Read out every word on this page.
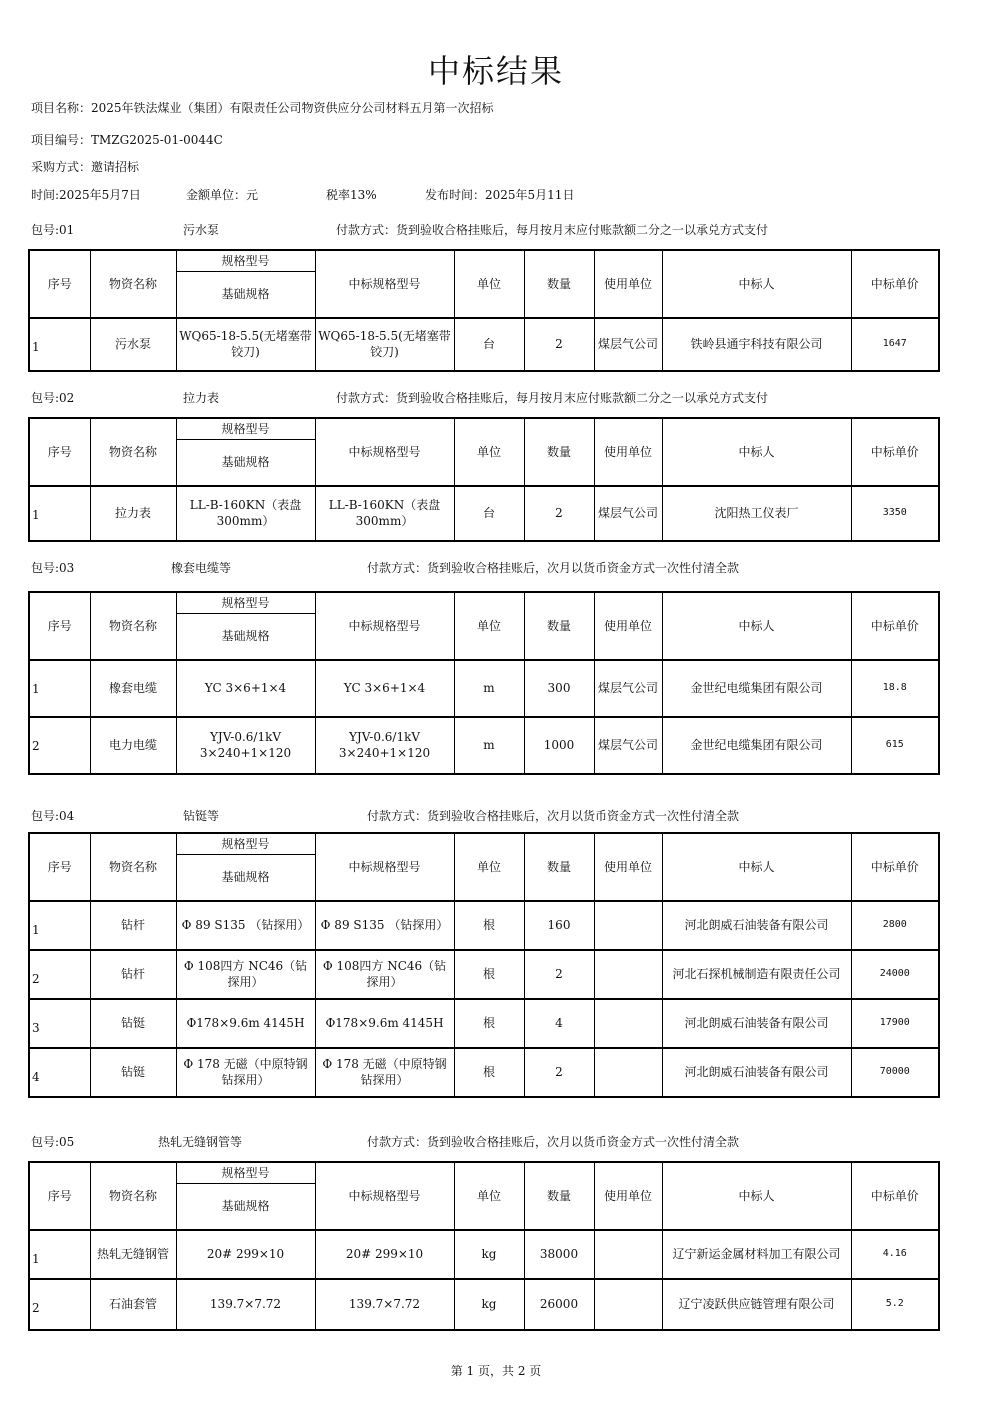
中标结果
项目名称：2025年铁法煤业（集团）有限责任公司物资供应分公司材料五月第一次招标
项目编号：TMZG2025-01-0044C
采购方式：邀请招标
时间:2025年5月7日	金额单位：元	税率13%	发布时间：2025年5月11日
包号:01	污水泵	付款方式：货到验收合格挂账后，每月按月末应付账款额二分之一以承兑方式支付
序号	物资名称	规格型号	中标规格型号	单位	数量	使用单位	中标人	中标单价
		基础规格						
1	污水泵	WQ65-18-5.5(无堵塞带铰刀)	WQ65-18-5.5(无堵塞带铰刀)	台	2	煤层气公司	铁岭县通宇科技有限公司	1647
包号:02	拉力表	付款方式：货到验收合格挂账后，每月按月末应付账款额二分之一以承兑方式支付
序号	物资名称	规格型号	中标规格型号	单位	数量	使用单位	中标人	中标单价
		基础规格						
1	拉力表	LL-B-160KN（表盘300mm）	LL-B-160KN（表盘300mm）	台	2	煤层气公司	沈阳热工仪表厂	3350
包号:03	橡套电缆等	付款方式：货到验收合格挂账后，次月以货币资金方式一次性付清全款
序号	物资名称	规格型号	中标规格型号	单位	数量	使用单位	中标人	中标单价
		基础规格						
1	橡套电缆	YC 3×6+1×4	YC 3×6+1×4	m	300	煤层气公司	金世纪电缆集团有限公司	18.8
2	电力电缆	YJV-0.6/1kV 3×240+1×120	YJV-0.6/1kV 3×240+1×120	m	1000	煤层气公司	金世纪电缆集团有限公司	615
包号:04	钻铤等	付款方式：货到验收合格挂账后，次月以货币资金方式一次性付清全款
序号	物资名称	规格型号	中标规格型号	单位	数量	使用单位	中标人	中标单价
		基础规格						
1	钻杆	Φ 89 S135 （钻探用）	Φ 89 S135 （钻探用）	根	160		河北朗威石油装备有限公司	2800
2	钻杆	Φ 108四方 NC46（钻探用）	Φ 108四方 NC46（钻探用）	根	2		河北石探机械制造有限责任公司	24000
3	钻铤	Φ178×9.6m 4145H	Φ178×9.6m 4145H	根	4		河北朗威石油装备有限公司	17900
4	钻铤	Φ 178 无磁（中原特钢 钻探用）	Φ 178 无磁（中原特钢 钻探用）	根	2		河北朗威石油装备有限公司	70000
包号:05	热轧无缝钢管等	付款方式：货到验收合格挂账后，次月以货币资金方式一次性付清全款
序号	物资名称	规格型号	中标规格型号	单位	数量	使用单位	中标人	中标单价
		基础规格						
1	热轧无缝钢管	20# 299×10	20# 299×10	kg	38000		辽宁新运金属材料加工有限公司	4.16
2	石油套管	139.7×7.72	139.7×7.72	kg	26000		辽宁凌跃供应链管理有限公司	5.2
第 1 页，共 2 页
